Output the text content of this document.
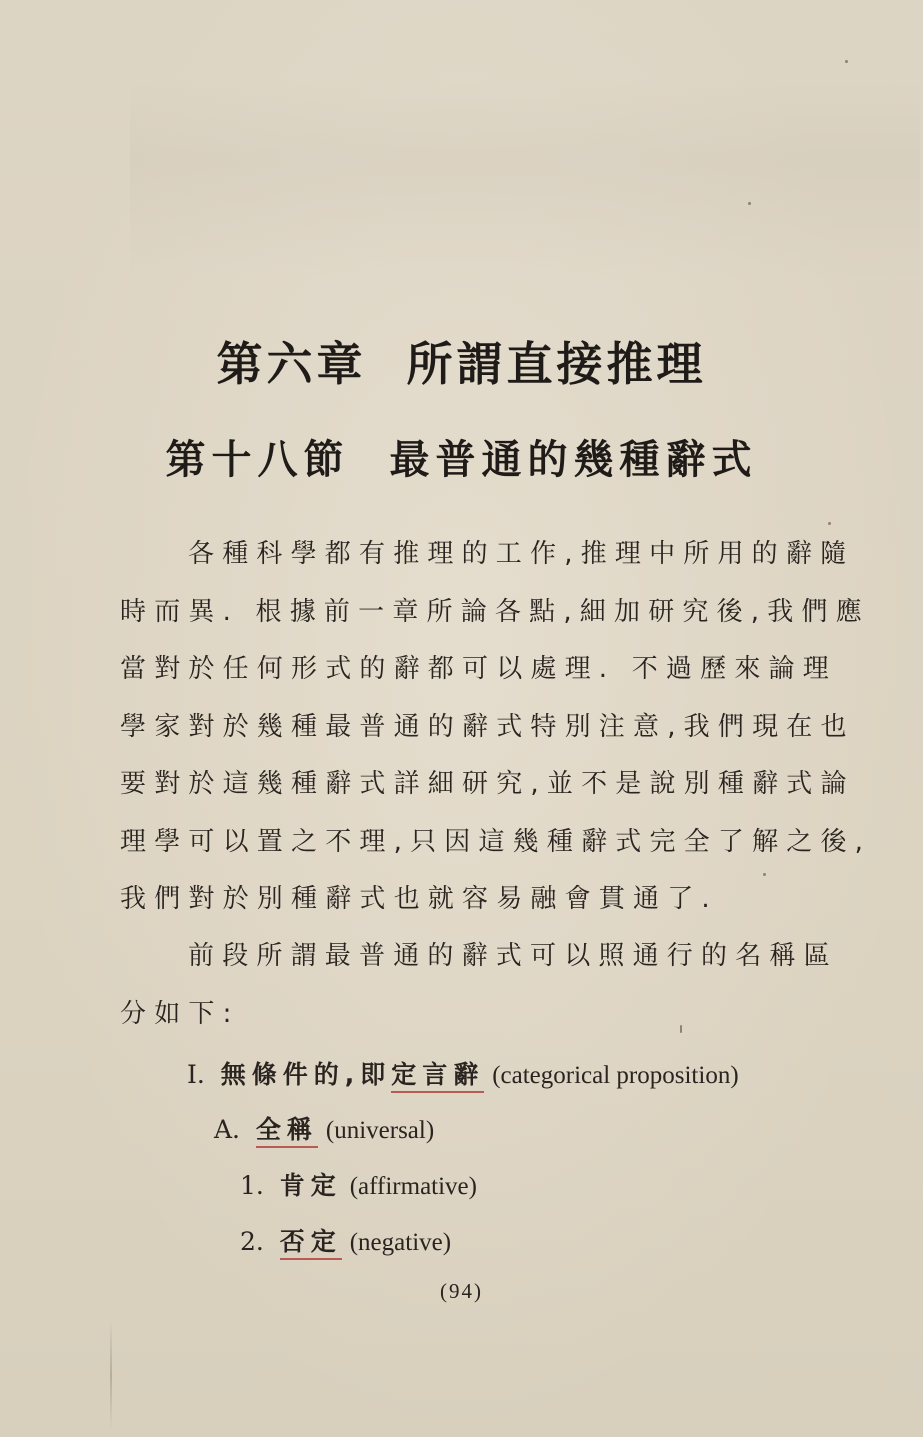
第六章 所謂直接推理
第十八節 最普通的幾種辭式

各種科學都有推理的工作,推理中所用的辭隨
時而異. 根據前一章所論各點,細加研究後,我們應
當對於任何形式的辭都可以處理. 不過歷來論理
學家對於幾種最普通的辭式特別注意,我們現在也
要對於這幾種辭式詳細研究,並不是說別種辭式論
理學可以置之不理,只因這幾種辭式完全了解之後,
我們對於別種辭式也就容易融會貫通了.

前段所謂最普通的辭式可以照通行的名稱區
分如下:

I. 無條件的,即定言辭 (categorical proposition)

A. 全稱 (universal)

1. 肯定 (affirmative)

2. 否定 (negative)

(94)
